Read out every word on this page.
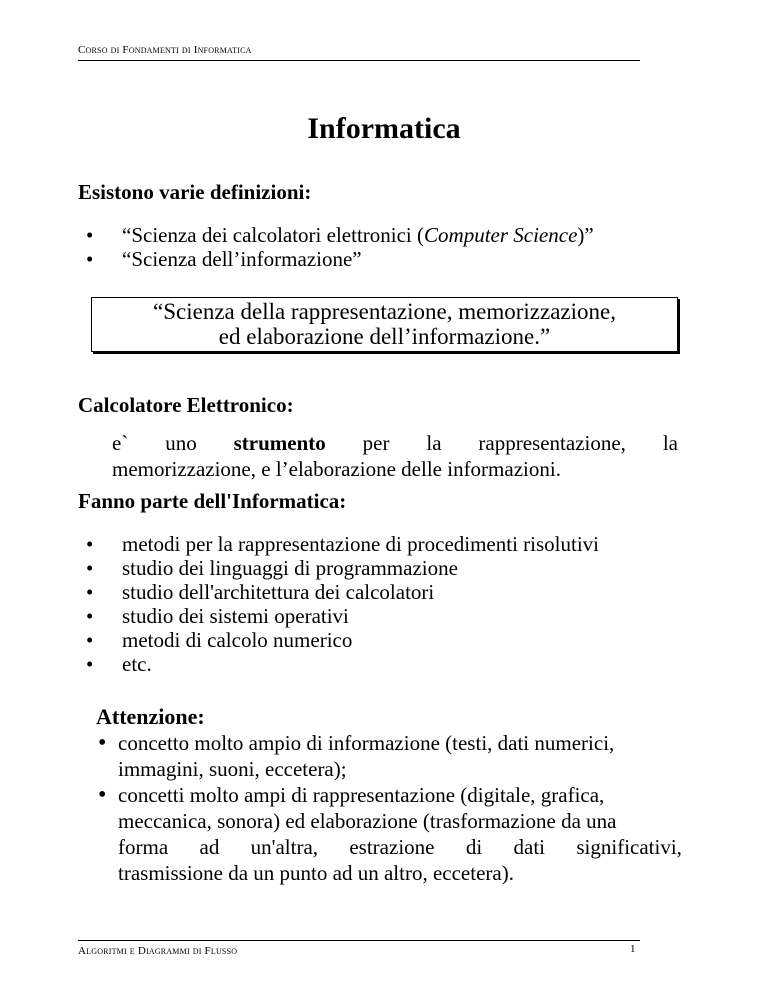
Corso di Fondamenti di Informatica
Informatica
Esistono varie definizioni:
• “Scienza dei calcolatori elettronici (Computer Science)”
• “Scienza dell’informazione”
“Scienza della rappresentazione, memorizzazione,
ed elaborazione dell’informazione.”
Calcolatore Elettronico:
e` uno strumento per la rappresentazione, la
memorizzazione, e l’elaborazione delle informazioni.
Fanno parte dell'Informatica:
• metodi per la rappresentazione di procedimenti risolutivi
• studio dei linguaggi di programmazione
• studio dell'architettura dei calcolatori
• studio dei sistemi operativi
• metodi di calcolo numerico
• etc.
Attenzione:
• concetto molto ampio di informazione (testi, dati numerici,
immagini, suoni, eccetera);
• concetti molto ampi di rappresentazione (digitale, grafica,
meccanica, sonora) ed elaborazione (trasformazione da una
forma ad un'altra, estrazione di dati significativi,
trasmissione da un punto ad un altro, eccetera).
Algoritmi e Diagrammi di Flusso	1
